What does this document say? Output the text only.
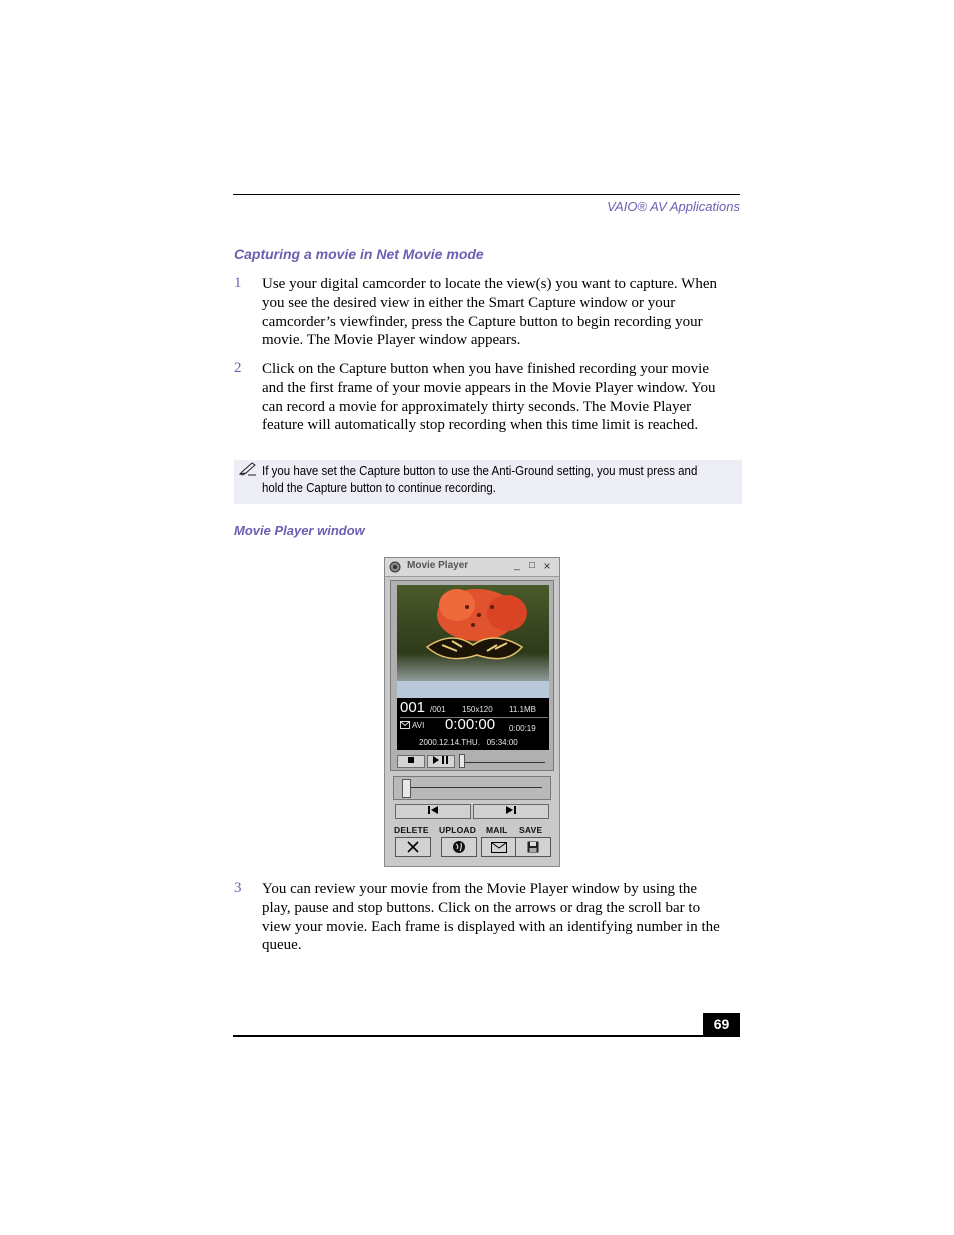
VAIO® AV Applications
Capturing a movie in Net Movie mode
1 Use your digital camcorder to locate the view(s) you want to capture. When
you see the desired view in either the Smart Capture window or your
camcorder’s viewfinder, press the Capture button to begin recording your
movie. The Movie Player window appears.
2 Click on the Capture button when you have finished recording your movie
and the first frame of your movie appears in the Movie Player window. You
can record a movie for approximately thirty seconds. The Movie Player
feature will automatically stop recording when this time limit is reached.
If you have set the Capture button to use the Anti-Ground setting, you must press and
hold the Capture button to continue recording.
Movie Player window
Movie Player	_ □ ×
001 /001 150x120 11.1MB
AVI 0:00:00 0:00:19
2000.12.14.THU.   05:34:00
DELETE UPLOAD MAIL SAVE
3 You can review your movie from the Movie Player window by using the
play, pause and stop buttons. Click on the arrows or drag the scroll bar to
view your movie. Each frame is displayed with an identifying number in the
queue.
69
